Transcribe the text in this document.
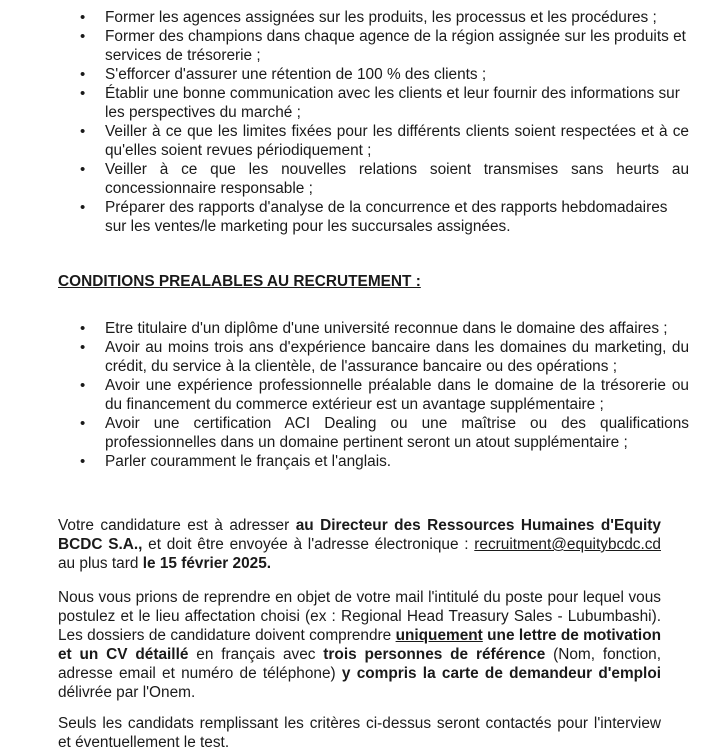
• Former les agences assignées sur les produits, les processus et les procédures ;
• Former des champions dans chaque agence de la région assignée sur les produits et services de trésorerie ;
• S'efforcer d'assurer une rétention de 100 % des clients ;
• Établir une bonne communication avec les clients et leur fournir des informations sur les perspectives du marché ;
• Veiller à ce que les limites fixées pour les différents clients soient respectées et à ce qu'elles soient revues périodiquement ;
• Veiller à ce que les nouvelles relations soient transmises sans heurts au concessionnaire responsable ;
• Préparer des rapports d'analyse de la concurrence et des rapports hebdomadaires sur les ventes/le marketing pour les succursales assignées.
CONDITIONS PREALABLES AU RECRUTEMENT :
• Etre titulaire d'un diplôme d'une université reconnue dans le domaine des affaires ;
• Avoir au moins trois ans d'expérience bancaire dans les domaines du marketing, du crédit, du service à la clientèle, de l'assurance bancaire ou des opérations ;
• Avoir une expérience professionnelle préalable dans le domaine de la trésorerie ou du financement du commerce extérieur est un avantage supplémentaire ;
• Avoir une certification ACI Dealing ou une maîtrise ou des qualifications professionnelles dans un domaine pertinent seront un atout supplémentaire ;
• Parler couramment le français et l'anglais.

Votre candidature est à adresser au Directeur des Ressources Humaines d'Equity BCDC S.A., et doit être envoyée à l'adresse électronique : recruitment@equitybcdc.cd au plus tard le 15 février 2025.

Nous vous prions de reprendre en objet de votre mail l'intitulé du poste pour lequel vous postulez et le lieu affectation choisi (ex : Regional Head Treasury Sales - Lubumbashi). Les dossiers de candidature doivent comprendre uniquement une lettre de motivation et un CV détaillé en français avec trois personnes de référence (Nom, fonction, adresse email et numéro de téléphone) y compris la carte de demandeur d'emploi délivrée par l'Onem.

Seuls les candidats remplissant les critères ci-dessus seront contactés pour l'interview et éventuellement le test.
